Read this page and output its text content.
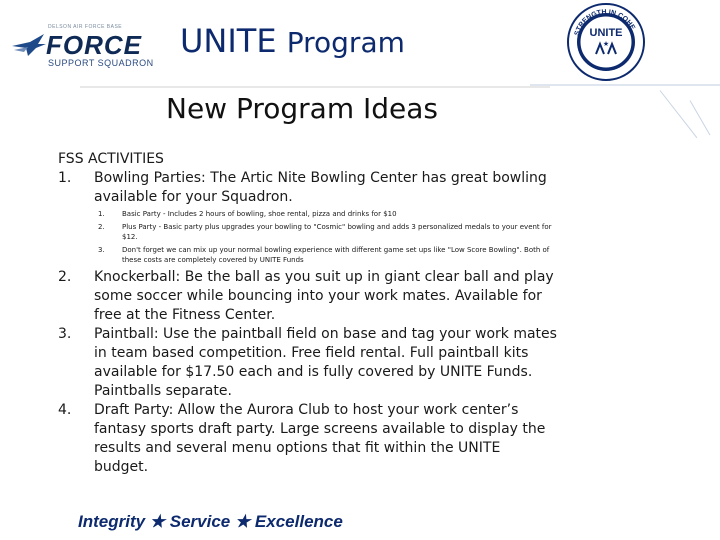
DELSON AIR FORCE BASE
FORCE
SUPPORT SQUADRON
UNITE Program	STRENGTH IN COHE
UNITE
★
New Program Ideas
FSS ACTIVITIES
1. Bowling Parties: The Artic Nite Bowling Center has great bowling available for your Squadron.
1. Basic Party - Includes 2 hours of bowling, shoe rental, pizza and drinks for $10
2. Plus Party - Basic party plus upgrades your bowling to "Cosmic" bowling and adds 3 personalized medals to your event for $12.
3. Don't forget we can mix up your normal bowling experience with different game set ups like "Low Score Bowling". Both of these costs are completely covered by UNITE Funds
2. Knockerball: Be the ball as you suit up in giant clear ball and play some soccer while bouncing into your work mates. Available for free at the Fitness Center.
3. Paintball: Use the paintball field on base and tag your work mates in team based competition. Free field rental. Full paintball kits available for $17.50 each and is fully covered by UNITE Funds. Paintballs separate.
4. Draft Party: Allow the Aurora Club to host your work center’s fantasy sports draft party. Large screens available to display the results and several menu options that fit within the UNITE budget.
Integrity ★ Service ★ Excellence
